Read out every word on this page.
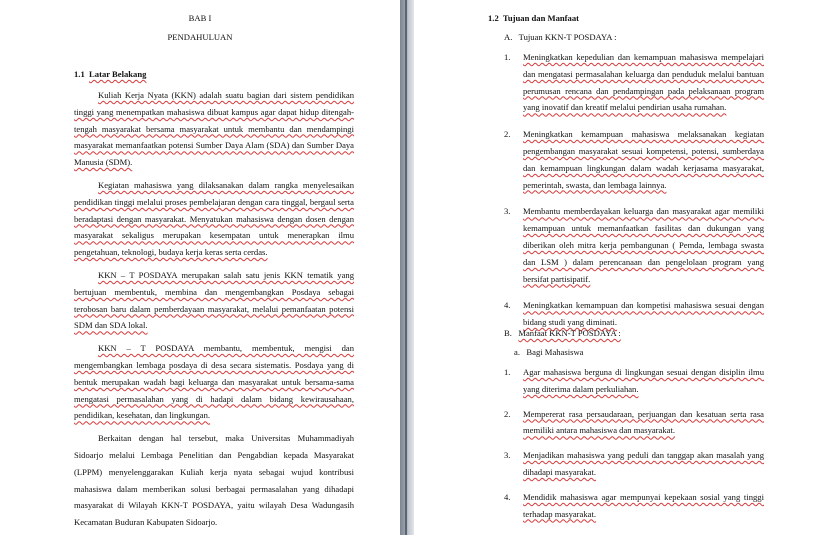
BAB I
PENDAHULUAN
1.1 Latar Belakang

Kuliah Kerja Nyata (KKN) adalah suatu bagian dari sistem pendidikan tinggi yang menempatkan mahasiswa dibuat kampus agar dapat hidup ditengah-tengah masyarakat bersama masyarakat untuk membantu dan mendampingi masyarakat memanfaatkan potensi Sumber Daya Alam (SDA) dan Sumber Daya Manusia (SDM).

Kegiatan mahasiswa yang dilaksanakan dalam rangka menyelesaikan pendidikan tinggi melalui proses pembelajaran dengan cara tinggal, bergaul serta beradaptasi dengan masyarakat. Menyatukan mahasiswa dengan dosen dengan masyarakat sekaligus merupakan kesempatan untuk menerapkan ilmu pengetahuan, teknologi, budaya kerja keras serta cerdas.

KKN – T POSDAYA merupakan salah satu jenis KKN tematik yang bertujuan membentuk, membina dan mengembangkan Posdaya sebagai terobosan baru dalam pemberdayaan masyarakat, melalui pemanfaatan potensi SDM dan SDA lokal.

KKN – T POSDAYA membantu, membentuk, mengisi dan mengembangkan lembaga posdaya di desa secara sistematis. Posdaya yang di bentuk merupakan wadah bagi keluarga dan masyarakat untuk bersama-sama mengatasi permasalahan yang di hadapi dalam bidang kewirausahaan, pendidikan, kesehatan, dan lingkungan.

Berkaitan dengan hal tersebut, maka Universitas Muhammadiyah Sidoarjo melalui Lembaga Penelitian dan Pengabdian kepada Masyarakat (LPPM) menyelenggarakan Kuliah kerja nyata sebagai wujud kontribusi mahasiswa dalam memberikan solusi berbagai permasalahan yang dihadapi masyarakat di Wilayah KKN-T POSDAYA, yaitu wilayah Desa Wadungasih Kecamatan Buduran Kabupaten Sidoarjo.

1.2 Tujuan dan Manfaat
A. Tujuan KKN-T POSDAYA :
1. Meningkatkan kepedulian dan kemampuan mahasiswa mempelajari dan mengatasi permasalahan keluarga dan penduduk melalui bantuan perumusan rencana dan pendampingan pada pelaksanaan program yang inovatif dan kreatif melalui pendirian usaha rumahan.
2. Meningkatkan kemampuan mahasiswa melaksanakan kegiatan pengembangan masyarakat sesuai kompetensi, potensi, sumberdaya dan kemampuan lingkungan dalam wadah kerjasama masyarakat, pemerintah, swasta, dan lembaga lainnya.
3. Membantu memberdayakan keluarga dan masyarakat agar memiliki kemampuan untuk memanfaatkan fasilitas dan dukungan yang diberikan oleh mitra kerja pembangunan ( Pemda, lembaga swasta dan LSM ) dalam perencanaan dan pengelolaan program yang bersifat partisipatif.
4. Meningkatkan kemampuan dan kompetisi mahasiswa sesuai dengan bidang studi yang diminati.
B. Manfaat KKN-T POSDAYA :
a. Bagi Mahasiswa
1. Agar mahasiswa berguna di lingkungan sesuai dengan disiplin ilmu yang diterima dalam perkuliahan.
2. Mempererat rasa persaudaraan, perjuangan dan kesatuan serta rasa memiliki antara mahasiswa dan masyarakat.
3. Menjadikan mahasiswa yang peduli dan tanggap akan masalah yang dihadapi masyarakat.
4. Mendidik mahasiswa agar mempunyai kepekaan sosial yang tinggi terhadap masyarakat.
